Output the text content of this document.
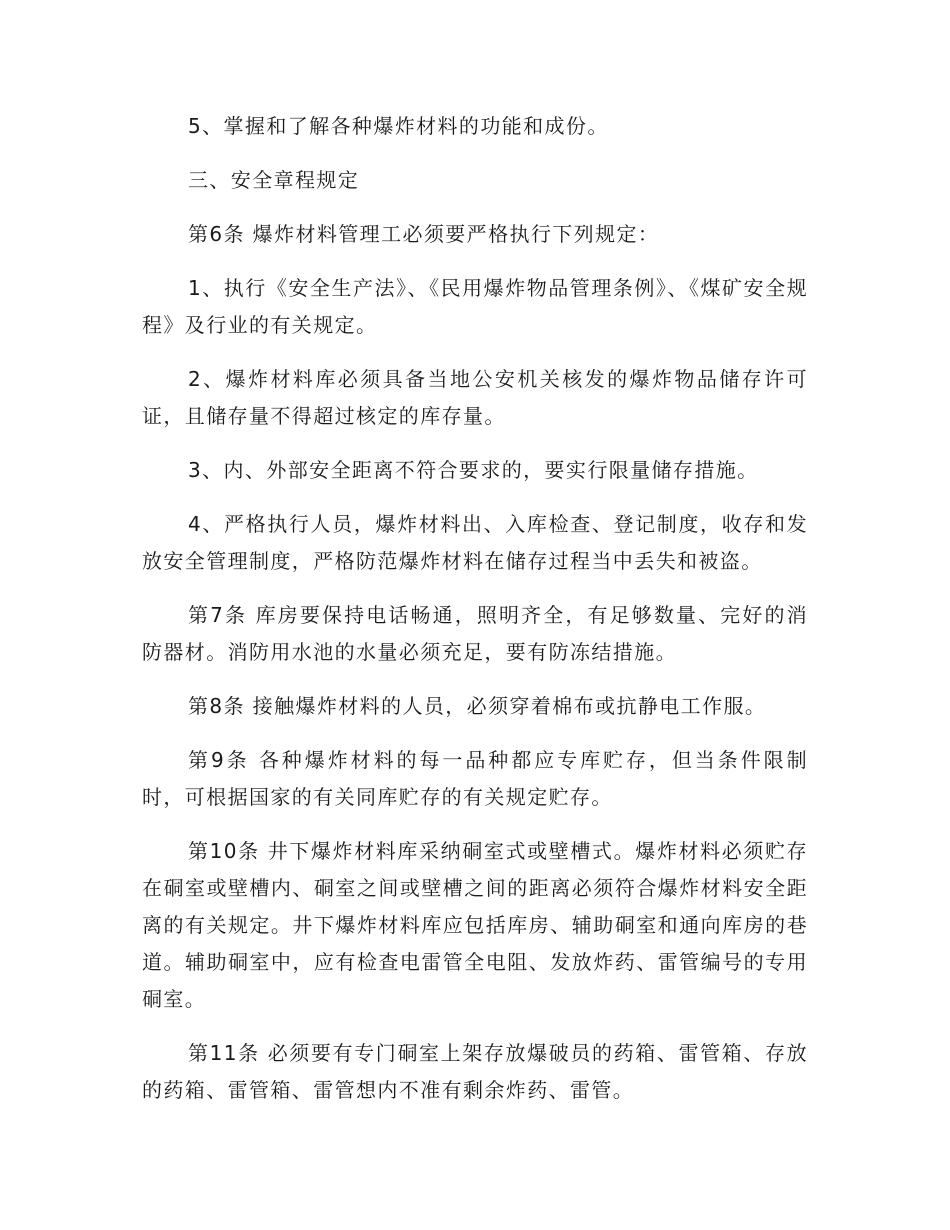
5、掌握和了解各种爆炸材料的功能和成份。

三、安全章程规定

第6条 爆炸材料管理工必须要严格执行下列规定：

1、执行《安全生产法》、《民用爆炸物品管理条例》、《煤矿安全规程》及行业的有关规定。

2、爆炸材料库必须具备当地公安机关核发的爆炸物品储存许可证，且储存量不得超过核定的库存量。

3、内、外部安全距离不符合要求的，要实行限量储存措施。

4、严格执行人员，爆炸材料出、入库检查、登记制度，收存和发放安全管理制度，严格防范爆炸材料在储存过程当中丢失和被盗。

第7条 库房要保持电话畅通，照明齐全，有足够数量、完好的消防器材。消防用水池的水量必须充足，要有防冻结措施。

第8条 接触爆炸材料的人员，必须穿着棉布或抗静电工作服。

第9条 各种爆炸材料的每一品种都应专库贮存，但当条件限制时，可根据国家的有关同库贮存的有关规定贮存。

第10条 井下爆炸材料库采纳硐室式或壁槽式。爆炸材料必须贮存在硐室或壁槽内、硐室之间或壁槽之间的距离必须符合爆炸材料安全距离的有关规定。井下爆炸材料库应包括库房、辅助硐室和通向库房的巷道。辅助硐室中，应有检查电雷管全电阻、发放炸药、雷管编号的专用硐室。

第11条 必须要有专门硐室上架存放爆破员的药箱、雷管箱、存放的药箱、雷管箱、雷管想内不准有剩余炸药、雷管。
